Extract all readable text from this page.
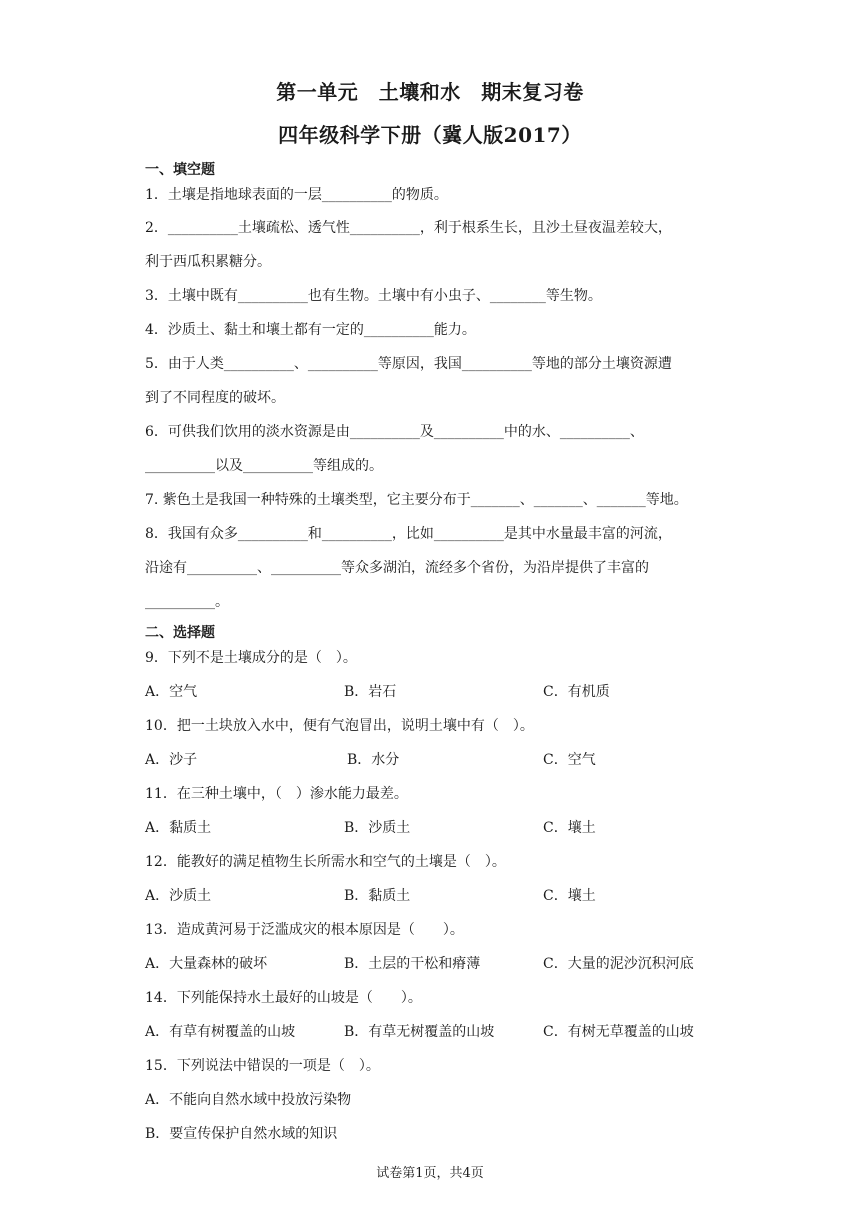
第一单元　土壤和水　期末复习卷
四年级科学下册（冀人版2017）
一、填空题
1．土壤是指地球表面的一层__________的物质。
2．__________土壤疏松、透气性__________，利于根系生长，且沙土昼夜温差较大，
利于西瓜积累糖分。
3．土壤中既有__________也有生物。土壤中有小虫子、________等生物。
4．沙质土、黏土和壤土都有一定的__________能力。
5．由于人类__________、__________等原因，我国__________等地的部分土壤资源遭
到了不同程度的破坏。
6．可供我们饮用的淡水资源是由__________及__________中的水、__________、
__________以及__________等组成的。
7. 紫色土是我国一种特殊的土壤类型，它主要分布于_______、_______、_______等地。
8．我国有众多__________和__________，比如__________是其中水量最丰富的河流，
沿途有__________、__________等众多湖泊，流经多个省份，为沿岸提供了丰富的
__________。
二、选择题
9．下列不是土壤成分的是（　）。
A．空气	B．岩石	C．有机质
10．把一土块放入水中，便有气泡冒出，说明土壤中有（　）。
A．沙子	B．水分	C．空气
11．在三种土壤中，（　）渗水能力最差。
A．黏质土	B．沙质土	C．壤土
12．能教好的满足植物生长所需水和空气的土壤是（　）。
A．沙质土	B．黏质土	C．壤土
13．造成黄河易于泛滥成灾的根本原因是（　　）。
A．大量森林的破坏	B．土层的干松和瘠薄	C．大量的泥沙沉积河底
14．下列能保持水土最好的山坡是（　　）。
A．有草有树覆盖的山坡	B．有草无树覆盖的山坡	C．有树无草覆盖的山坡
15．下列说法中错误的一项是（　）。
A．不能向自然水域中投放污染物
B．要宣传保护自然水域的知识
试卷第1页，共4页
